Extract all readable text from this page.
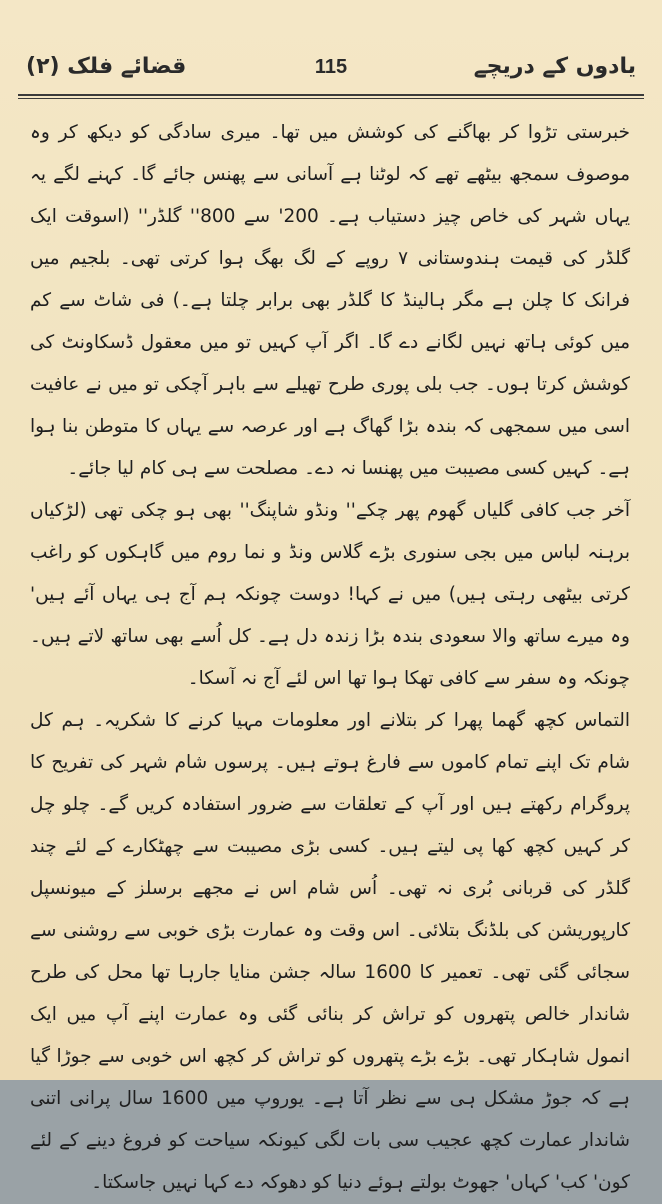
یادوں کے دریچے
115
قضائے فلک (۲)

خبرستی تڑوا کر بھاگنے کی کوشش میں تھا۔ میری سادگی کو دیکھ کر وہ موصوف سمجھ بیٹھے تھے کہ لوٹنا ہے آسانی سے پھنس جائے گا۔ کہنے لگے یہ یہاں شہر کی خاص چیز دستیاب ہے۔ 200' سے 800'' گلڈر'' (اسوقت ایک گلڈر کی قیمت ہندوستانی ۷ روپے کے لگ بھگ ہوا کرتی تھی۔ بلجیم میں فرانک کا چلن ہے مگر ہالینڈ کا گلڈر بھی برابر چلتا ہے۔) فی شاٹ سے کم میں کوئی ہاتھ نہیں لگانے دے گا۔ اگر آپ کہیں تو میں معقول ڈسکاونٹ کی کوشش کرتا ہوں۔ جب بلی پوری طرح تھیلے سے باہر آچکی تو میں نے عافیت اسی میں سمجھی کہ بندہ بڑا گھاگ ہے اور عرصہ سے یہاں کا متوطن بنا ہوا ہے۔ کہیں کسی مصیبت میں پھنسا نہ دے۔ مصلحت سے ہی کام لیا جائے۔

آخر جب کافی گلیاں گھوم پھر چکے'' ونڈو شاپنگ'' بھی ہو چکی تھی (لڑکیاں برہنہ لباس میں بجی سنوری بڑے گلاس ونڈ و نما روم میں گاہکوں کو راغب کرتی بیٹھی رہتی ہیں) میں نے کہا! دوست چونکہ ہم آج ہی یہاں آئے ہیں' وہ میرے ساتھ والا سعودی بندہ بڑا زندہ دل ہے۔ کل اُسے بھی ساتھ لاتے ہیں۔ چونکہ وہ سفر سے کافی تھکا ہوا تھا اس لئے آج نہ آسکا۔

التماس کچھ گھما پھرا کر بتلانے اور معلومات مہیا کرنے کا شکریہ۔ ہم کل شام تک اپنے تمام کاموں سے فارغ ہوتے ہیں۔ پرسوں شام شہر کی تفریح کا پروگرام رکھتے ہیں اور آپ کے تعلقات سے ضرور استفادہ کریں گے۔ چلو چل کر کہیں کچھ کھا پی لیتے ہیں۔ کسی بڑی مصیبت سے چھٹکارے کے لئے چند گلڈر کی قربانی بُری نہ تھی۔ اُس شام اس نے مجھے برسلز کے میونسپل کارپوریشن کی بلڈنگ بتلائی۔ اس وقت وہ عمارت بڑی خوبی سے روشنی سے سجائی گئی تھی۔ تعمیر کا 1600 سالہ جشن منایا جارہا تھا محل کی طرح شاندار خالص پتھروں کو تراش کر بنائی گئی وہ عمارت اپنے آپ میں ایک انمول شاہکار تھی۔ بڑے بڑے پتھروں کو تراش کر کچھ اس خوبی سے جوڑا گیا ہے کہ جوڑ مشکل ہی سے نظر آتا ہے۔ یوروپ میں 1600 سال پرانی اتنی شاندار عمارت کچھ عجیب سی بات لگی کیونکہ سیاحت کو فروغ دینے کے لئے کون' کب' کہاں' جھوٹ بولتے ہوئے دنیا کو دھوکہ دے کہا نہیں جاسکتا۔
